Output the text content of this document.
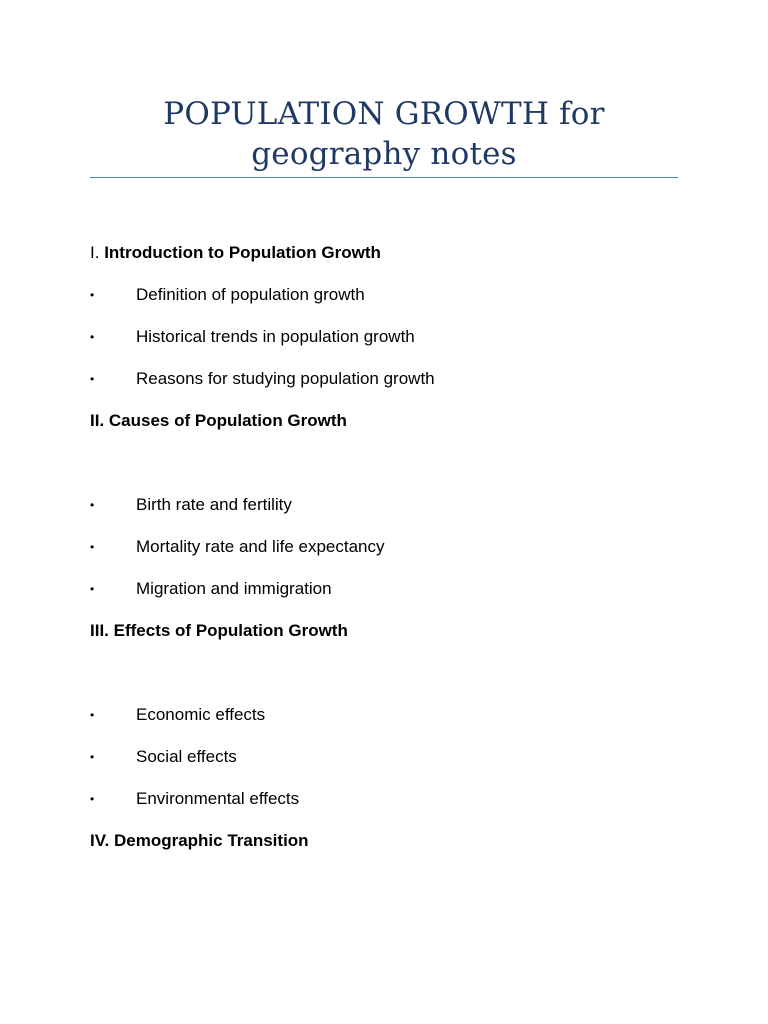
POPULATION GROWTH for geography notes
I. Introduction to Population Growth
• Definition of population growth
• Historical trends in population growth
• Reasons for studying population growth
II. Causes of Population Growth
• Birth rate and fertility
• Mortality rate and life expectancy
• Migration and immigration
III. Effects of Population Growth
• Economic effects
• Social effects
• Environmental effects
IV. Demographic Transition
